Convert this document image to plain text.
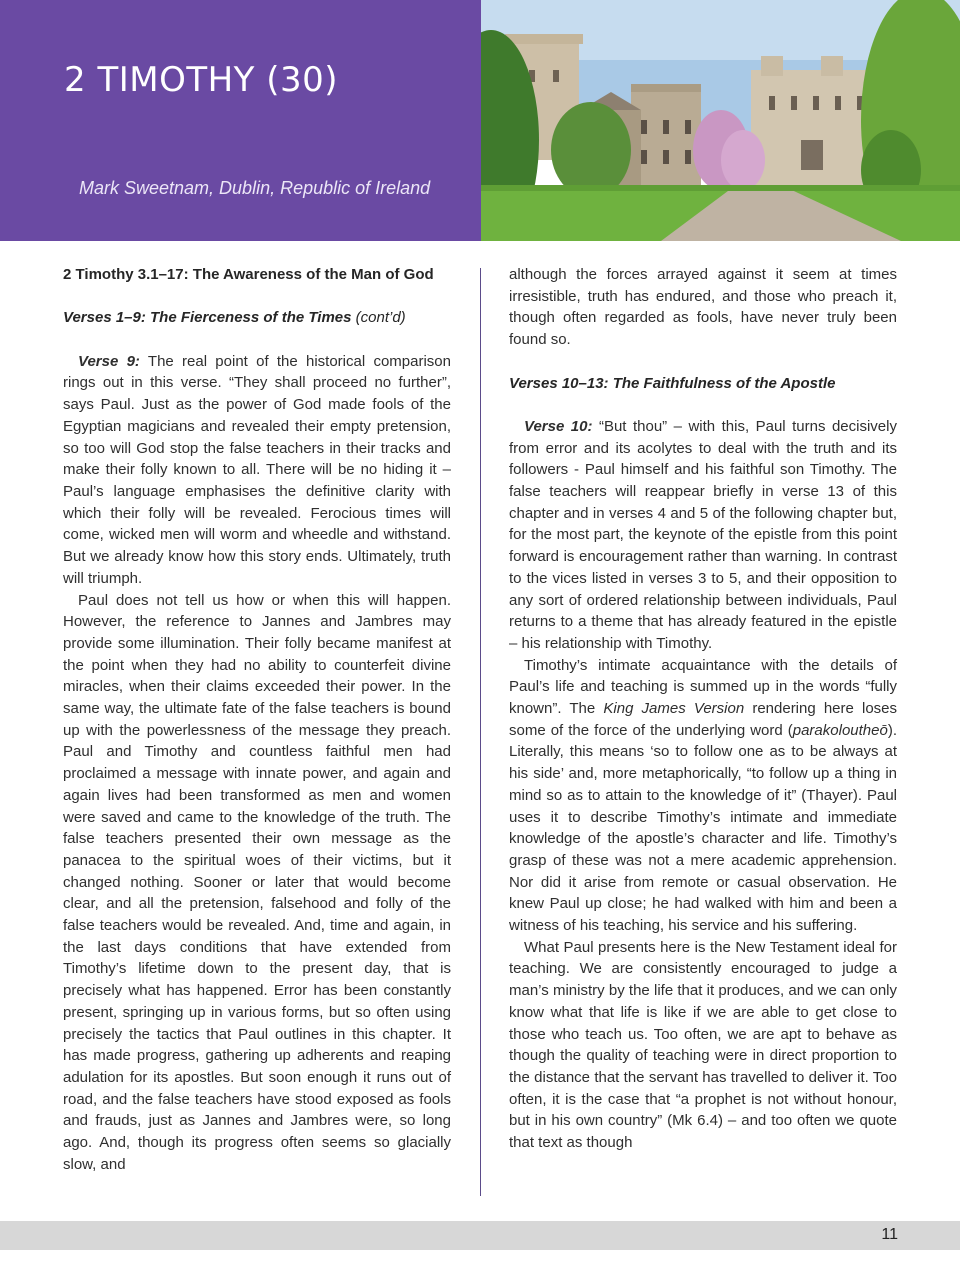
2 TIMOTHY (30)
Mark Sweetnam, Dublin, Republic of Ireland
2 Timothy 3.1–17: The Awareness of the Man of God
Verses 1–9: The Fierceness of the Times (cont’d)

Verse 9: The real point of the historical comparison rings out in this verse. “They shall proceed no further”, says Paul. Just as the power of God made fools of the Egyptian magicians and revealed their empty pretension, so too will God stop the false teachers in their tracks and make their folly known to all. There will be no hiding it – Paul’s language emphasises the definitive clarity with which their folly will be revealed. Ferocious times will come, wicked men will worm and wheedle and withstand. But we already know how this story ends. Ultimately, truth will triumph.

Paul does not tell us how or when this will happen. However, the reference to Jannes and Jambres may provide some illumination. Their folly became manifest at the point when they had no ability to counterfeit divine miracles, when their claims exceeded their power. In the same way, the ultimate fate of the false teachers is bound up with the powerlessness of the message they preach. Paul and Timothy and countless faithful men had proclaimed a message with innate power, and again and again lives had been transformed as men and women were saved and came to the knowledge of the truth. The false teachers presented their own message as the panacea to the spiritual woes of their victims, but it changed nothing. Sooner or later that would become clear, and all the pretension, falsehood and folly of the false teachers would be revealed. And, time and again, in the last days conditions that have extended from Timothy’s lifetime down to the present day, that is precisely what has happened. Error has been constantly present, springing up in various forms, but so often using precisely the tactics that Paul outlines in this chapter. It has made progress, gathering up adherents and reaping adulation for its apostles. But soon enough it runs out of road, and the false teachers have stood exposed as fools and frauds, just as Jannes and Jambres were, so long ago. And, though its progress often seems so glacially slow, and

although the forces arrayed against it seem at times irresistible, truth has endured, and those who preach it, though often regarded as fools, have never truly been found so.

Verses 10–13: The Faithfulness of the Apostle

Verse 10: “But thou” – with this, Paul turns decisively from error and its acolytes to deal with the truth and its followers - Paul himself and his faithful son Timothy. The false teachers will reappear briefly in verse 13 of this chapter and in verses 4 and 5 of the following chapter but, for the most part, the keynote of the epistle from this point forward is encouragement rather than warning. In contrast to the vices listed in verses 3 to 5, and their opposition to any sort of ordered relationship between individuals, Paul returns to a theme that has already featured in the epistle – his relationship with Timothy.

Timothy’s intimate acquaintance with the details of Paul’s life and teaching is summed up in the words “fully known”. The King James Version rendering here loses some of the force of the underlying word (parakoloutheō). Literally, this means ‘so to follow one as to be always at his side’ and, more metaphorically, “to follow up a thing in mind so as to attain to the knowledge of it” (Thayer). Paul uses it to describe Timothy’s intimate and immediate knowledge of the apostle’s character and life. Timothy’s grasp of these was not a mere academic apprehension. Nor did it arise from remote or casual observation. He knew Paul up close; he had walked with him and been a witness of his teaching, his service and his suffering.

What Paul presents here is the New Testament ideal for teaching. We are consistently encouraged to judge a man’s ministry by the life that it produces, and we can only know what that life is like if we are able to get close to those who teach us. Too often, we are apt to behave as though the quality of teaching were in direct proportion to the distance that the servant has travelled to deliver it. Too often, it is the case that “a prophet is not without honour, but in his own country” (Mk 6.4) – and too often we quote that text as though

11
